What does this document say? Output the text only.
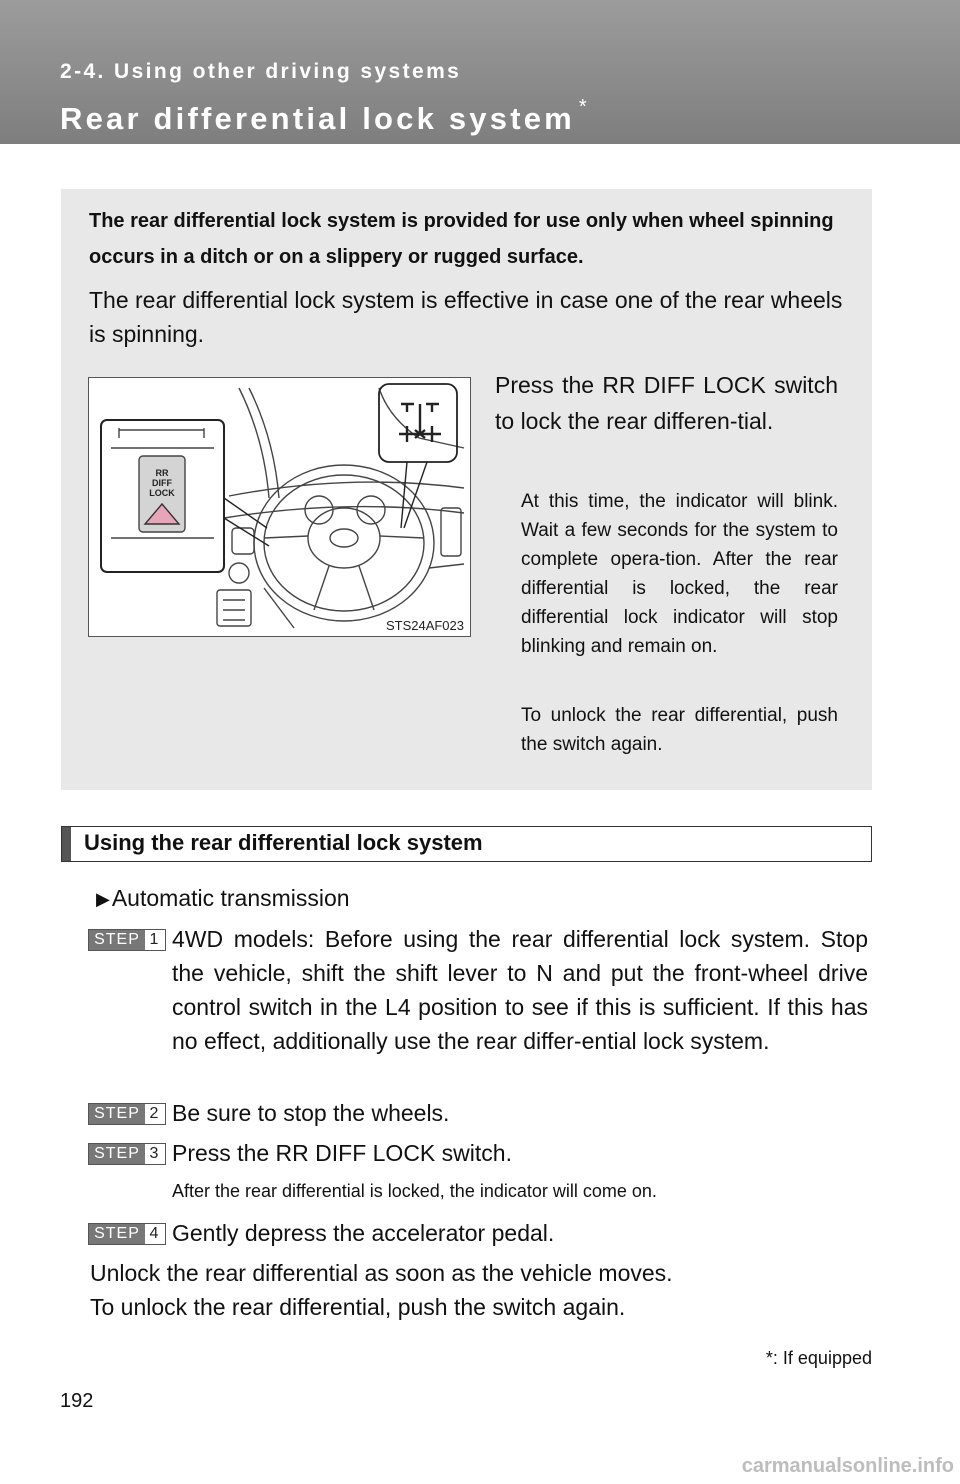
2-4. Using other driving systems
Rear differential lock system *
The rear differential lock system is provided for use only when wheel spinning occurs in a ditch or on a slippery or rugged surface.
The rear differential lock system is effective in case one of the rear wheels is spinning.
RR
DIFF
LOCK
STS24AF023
Press the RR DIFF LOCK switch to lock the rear differen-tial.
At this time, the indicator will blink. Wait a few seconds for the system to complete opera-tion. After the rear differential is locked, the rear differential lock indicator will stop blinking and remain on.
To unlock the rear differential, push the switch again.
Using the rear differential lock system
▶Automatic transmission
STEP 1 4WD models: Before using the rear differential lock system. Stop the vehicle, shift the shift lever to N and put the front-wheel drive control switch in the L4 position to see if this is sufficient. If this has no effect, additionally use the rear differ-ential lock system.
STEP 2 Be sure to stop the wheels.
STEP 3 Press the RR DIFF LOCK switch.
After the rear differential is locked, the indicator will come on.
STEP 4 Gently depress the accelerator pedal.
Unlock the rear differential as soon as the vehicle moves.
To unlock the rear differential, push the switch again.
*: If equipped
192
carmanualsonline.info
